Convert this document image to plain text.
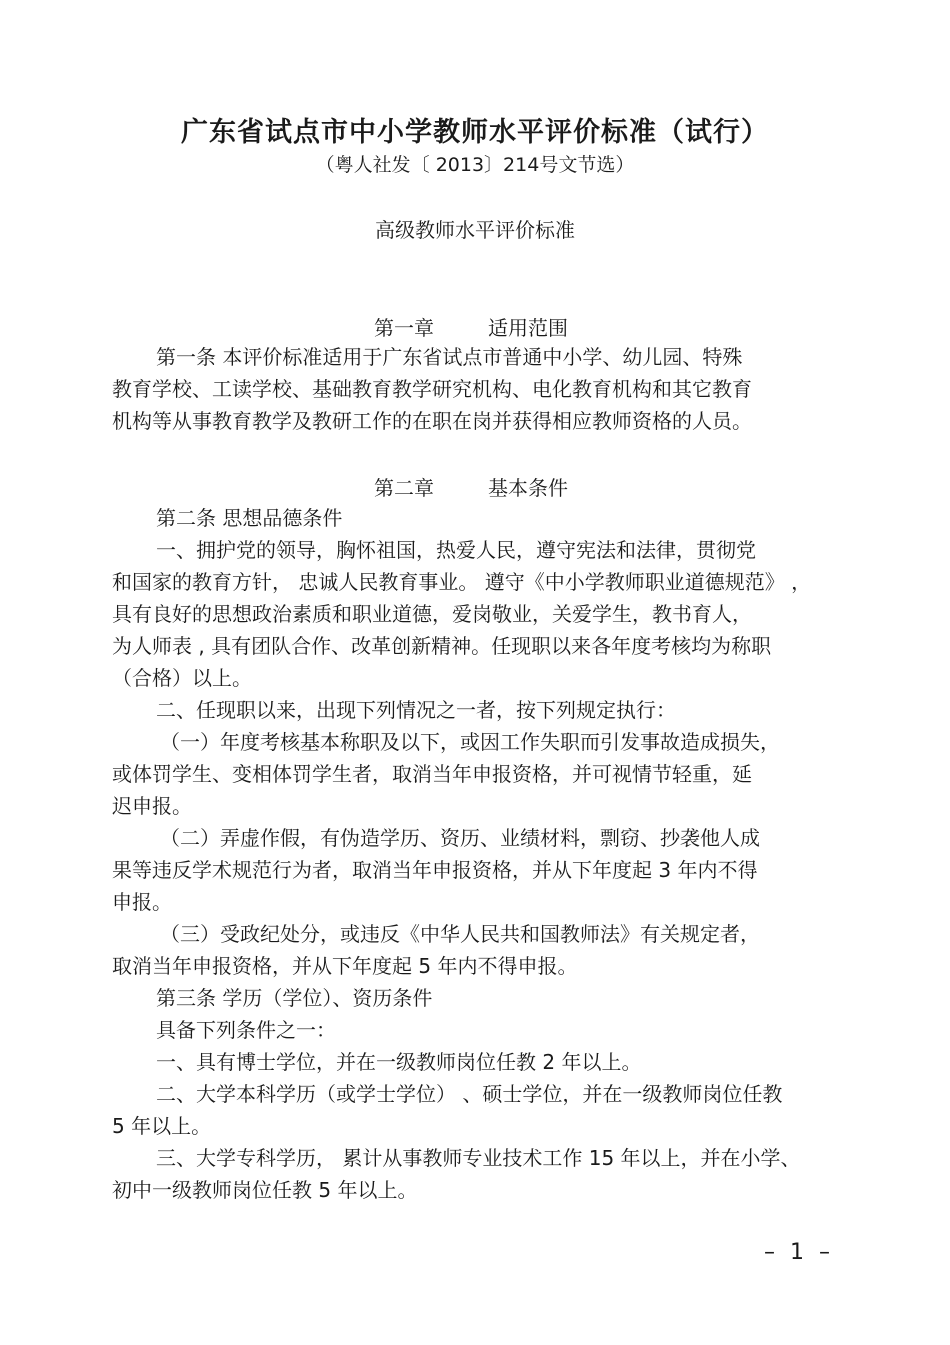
广东省试点市中小学教师水平评价标准（试行）
（粤人社发〔 2013〕214号文节选）
高级教师水平评价标准
第一章	适用范围
第一条 本评价标准适用于广东省试点市普通中小学、幼儿园、特殊
教育学校、工读学校、基础教育教学研究机构、电化教育机构和其它教育
机构等从事教育教学及教研工作的在职在岗并获得相应教师资格的人员。
第二章	基本条件
第二条 思想品德条件
一、拥护党的领导，胸怀祖国，热爱人民，遵守宪法和法律，贯彻党
和国家的教育方针， 忠诚人民教育事业。 遵守《中小学教师职业道德规范》 ，
具有良好的思想政治素质和职业道德，爱岗敬业，关爱学生，教书育人，
为人师表 , 具有团队合作、改革创新精神。任现职以来各年度考核均为称职
（合格）以上。
二、任现职以来，出现下列情况之一者，按下列规定执行：
（一）年度考核基本称职及以下，或因工作失职而引发事故造成损失，
或体罚学生、变相体罚学生者，取消当年申报资格，并可视情节轻重，延
迟申报。
（二）弄虚作假，有伪造学历、资历、业绩材料，剽窃、抄袭他人成
果等违反学术规范行为者，取消当年申报资格，并从下年度起 3 年内不得
申报。
（三）受政纪处分，或违反《中华人民共和国教师法》有关规定者，
取消当年申报资格，并从下年度起 5 年内不得申报。
第三条 学历（学位）、资历条件
具备下列条件之一：
一、具有博士学位，并在一级教师岗位任教 2 年以上。
二、大学本科学历（或学士学位） 、硕士学位，并在一级教师岗位任教
5 年以上。
三、大学专科学历， 累计从事教师专业技术工作 15 年以上，并在小学、
初中一级教师岗位任教 5 年以上。
– 1 –
